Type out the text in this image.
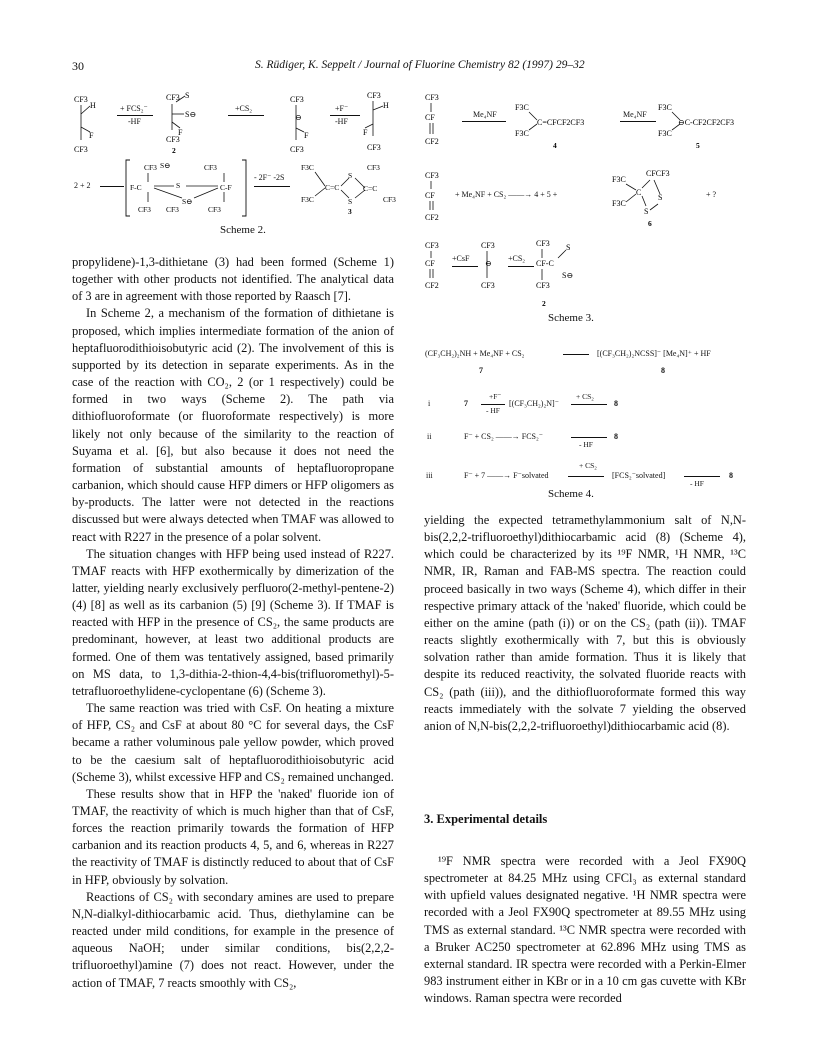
30	S. Rüdiger, K. Seppelt / Journal of Fluorine Chemistry 82 (1997) 29–32
CF3
CF3
H
F
+ FCS₂⁻
-HF
CF3 S
S⊖
F
CF3
2
+CS₂
CF3
⊖
F
CF3
+F⁻
-HF
CF3
H
F
CF3
2 + 2
CF3 S⊖	CF3
F-C	C-F
S
S⊖
CF3 CF3	CF3
- 2F⁻ -2S
F3C	CF3
F3C	CF3
C=C
S
S
C=C
3
Scheme 2.
CF3
CF
CF2
Me₄NF
F3C
F3C
C=CFCF2CF3
4
Me₄NF
F3C
F3C
⊖C-CF2CF2CF3
5
CF3
CF
CF2
+ Me₄NF + CS₂ ——→ 4 + 5 +
F3C
F3C
CFCF3
C
S
S
6
+ ?
CF3
CF
CF2
+CsF
CF3
⊖
CF3
+CS₂
CF3
CF-C
S
S⊖
CF3
2
Scheme 3.
(CF₃CH₂)₂NH + Me₄NF + CS₂	[(CF₃CH₂)₂NCSS]⁻ [Me₄N]⁺ + HF
7	8
i	7
+F⁻
- HF
[(CF₃CH₂)₂N]⁻
+ CS₂
8
ii	F⁻ + CS₂ ——→ FCS₂⁻
- HF
8
iii	F⁻ + 7 ——→ F⁻solvated
+ CS₂
[FCS₂⁻solvated]
- HF
8
Scheme 4.

propylidene)-1,3-dithietane (3) had been formed (Scheme 1) together with other products not identified. The analytical data of 3 are in agreement with those reported by Raasch [7].

In Scheme 2, a mechanism of the formation of dithietane is proposed, which implies intermediate formation of the anion of heptafluorodithioisobutyric acid (2). The involvement of this is supported by its detection in separate experiments. As in the case of the reaction with CO₂, 2 (or 1 respectively) could be formed in two ways (Scheme 2). The path via dithiofluoroformate (or fluoroformate respectively) is more likely not only because of the similarity to the reaction of Suyama et al. [6], but also because it does not need the formation of substantial amounts of heptafluoropropane carbanion, which should cause HFP dimers or HFP oligomers as by-products. The latter were not detected in the reactions discussed but were always detected when TMAF was allowed to react with R227 in the presence of a polar solvent.

The situation changes with HFP being used instead of R227. TMAF reacts with HFP exothermically by dimerization of the latter, yielding nearly exclusively perfluoro(2-methyl-pentene-2) (4) [8] as well as its carbanion (5) [9] (Scheme 3). If TMAF is reacted with HFP in the presence of CS₂, the same products are predominant, however, at least two additional products are formed. One of them was tentatively assigned, based primarily on MS data, to 1,3-dithia-2-thion-4,4-bis(trifluoromethyl)-5-tetrafluoroethylidene-cyclopentane (6) (Scheme 3).

The same reaction was tried with CsF. On heating a mixture of HFP, CS₂ and CsF at about 80 °C for several days, the CsF became a rather voluminous pale yellow powder, which proved to be the caesium salt of heptafluorodithioisobutyric acid (Scheme 3), whilst excessive HFP and CS₂ remained unchanged.

These results show that in HFP the 'naked' fluoride ion of TMAF, the reactivity of which is much higher than that of CsF, forces the reaction primarily towards the formation of HFP carbanion and its reaction products 4, 5, and 6, whereas in R227 the reactivity of TMAF is distinctly reduced to about that of CsF in HFP, obviously by solvation.

Reactions of CS₂ with secondary amines are used to prepare N,N-dialkyl-dithiocarbamic acid. Thus, diethylamine can be reacted under mild conditions, for example in the presence of aqueous NaOH; under similar conditions, bis(2,2,2-trifluoroethyl)amine (7) does not react. However, under the action of TMAF, 7 reacts smoothly with CS₂,

yielding the expected tetramethylammonium salt of N,N-bis(2,2,2-trifluoroethyl)dithiocarbamic acid (8) (Scheme 4), which could be characterized by its ¹⁹F NMR, ¹H NMR, ¹³C NMR, IR, Raman and FAB-MS spectra. The reaction could proceed basically in two ways (Scheme 4), which differ in their respective primary attack of the 'naked' fluoride, which could be either on the amine (path (i)) or on the CS₂ (path (ii)). TMAF reacts slightly exothermically with 7, but this is obviously solvation rather than amide formation. Thus it is likely that despite its reduced reactivity, the solvated fluoride reacts with CS₂ (path (iii)), and the dithiofluoroformate formed this way reacts immediately with the solvate 7 yielding the observed anion of N,N-bis(2,2,2-trifluoroethyl)dithiocarbamic acid (8).

3. Experimental details

¹⁹F NMR spectra were recorded with a Jeol FX90Q spectrometer at 84.25 MHz using CFCl₃ as external standard with upfield values designated negative. ¹H NMR spectra were recorded with a Jeol FX90Q spectrometer at 89.55 MHz using TMS as external standard. ¹³C NMR spectra were recorded with a Bruker AC250 spectrometer at 62.896 MHz using TMS as external standard. IR spectra were recorded with a Perkin-Elmer 983 instrument either in KBr or in a 10 cm gas cuvette with KBr windows. Raman spectra were recorded
